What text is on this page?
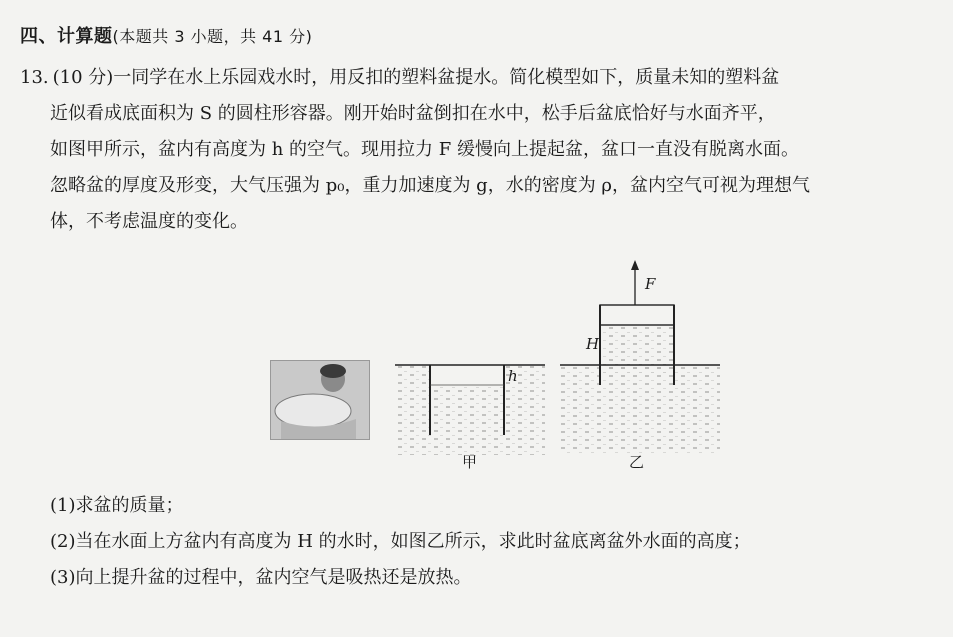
四、计算题(本题共 3 小题，共 41 分)
13. (10 分)一同学在水上乐园戏水时，用反扣的塑料盆提水。简化模型如下，质量未知的塑料盆
近似看成底面积为 S 的圆柱形容器。刚开始时盆倒扣在水中，松手后盆底恰好与水面齐平，
如图甲所示，盆内有高度为 h 的空气。现用拉力 F 缓慢向上提起盆，盆口一直没有脱离水面。
忽略盆的厚度及形变，大气压强为 p₀，重力加速度为 g，水的密度为 ρ，盆内空气可视为理想气
体，不考虑温度的变化。
h
甲
F
H
乙
(1)求盆的质量；
(2)当在水面上方盆内有高度为 H 的水时，如图乙所示，求此时盆底离盆外水面的高度；
(3)向上提升盆的过程中，盆内空气是吸热还是放热。
